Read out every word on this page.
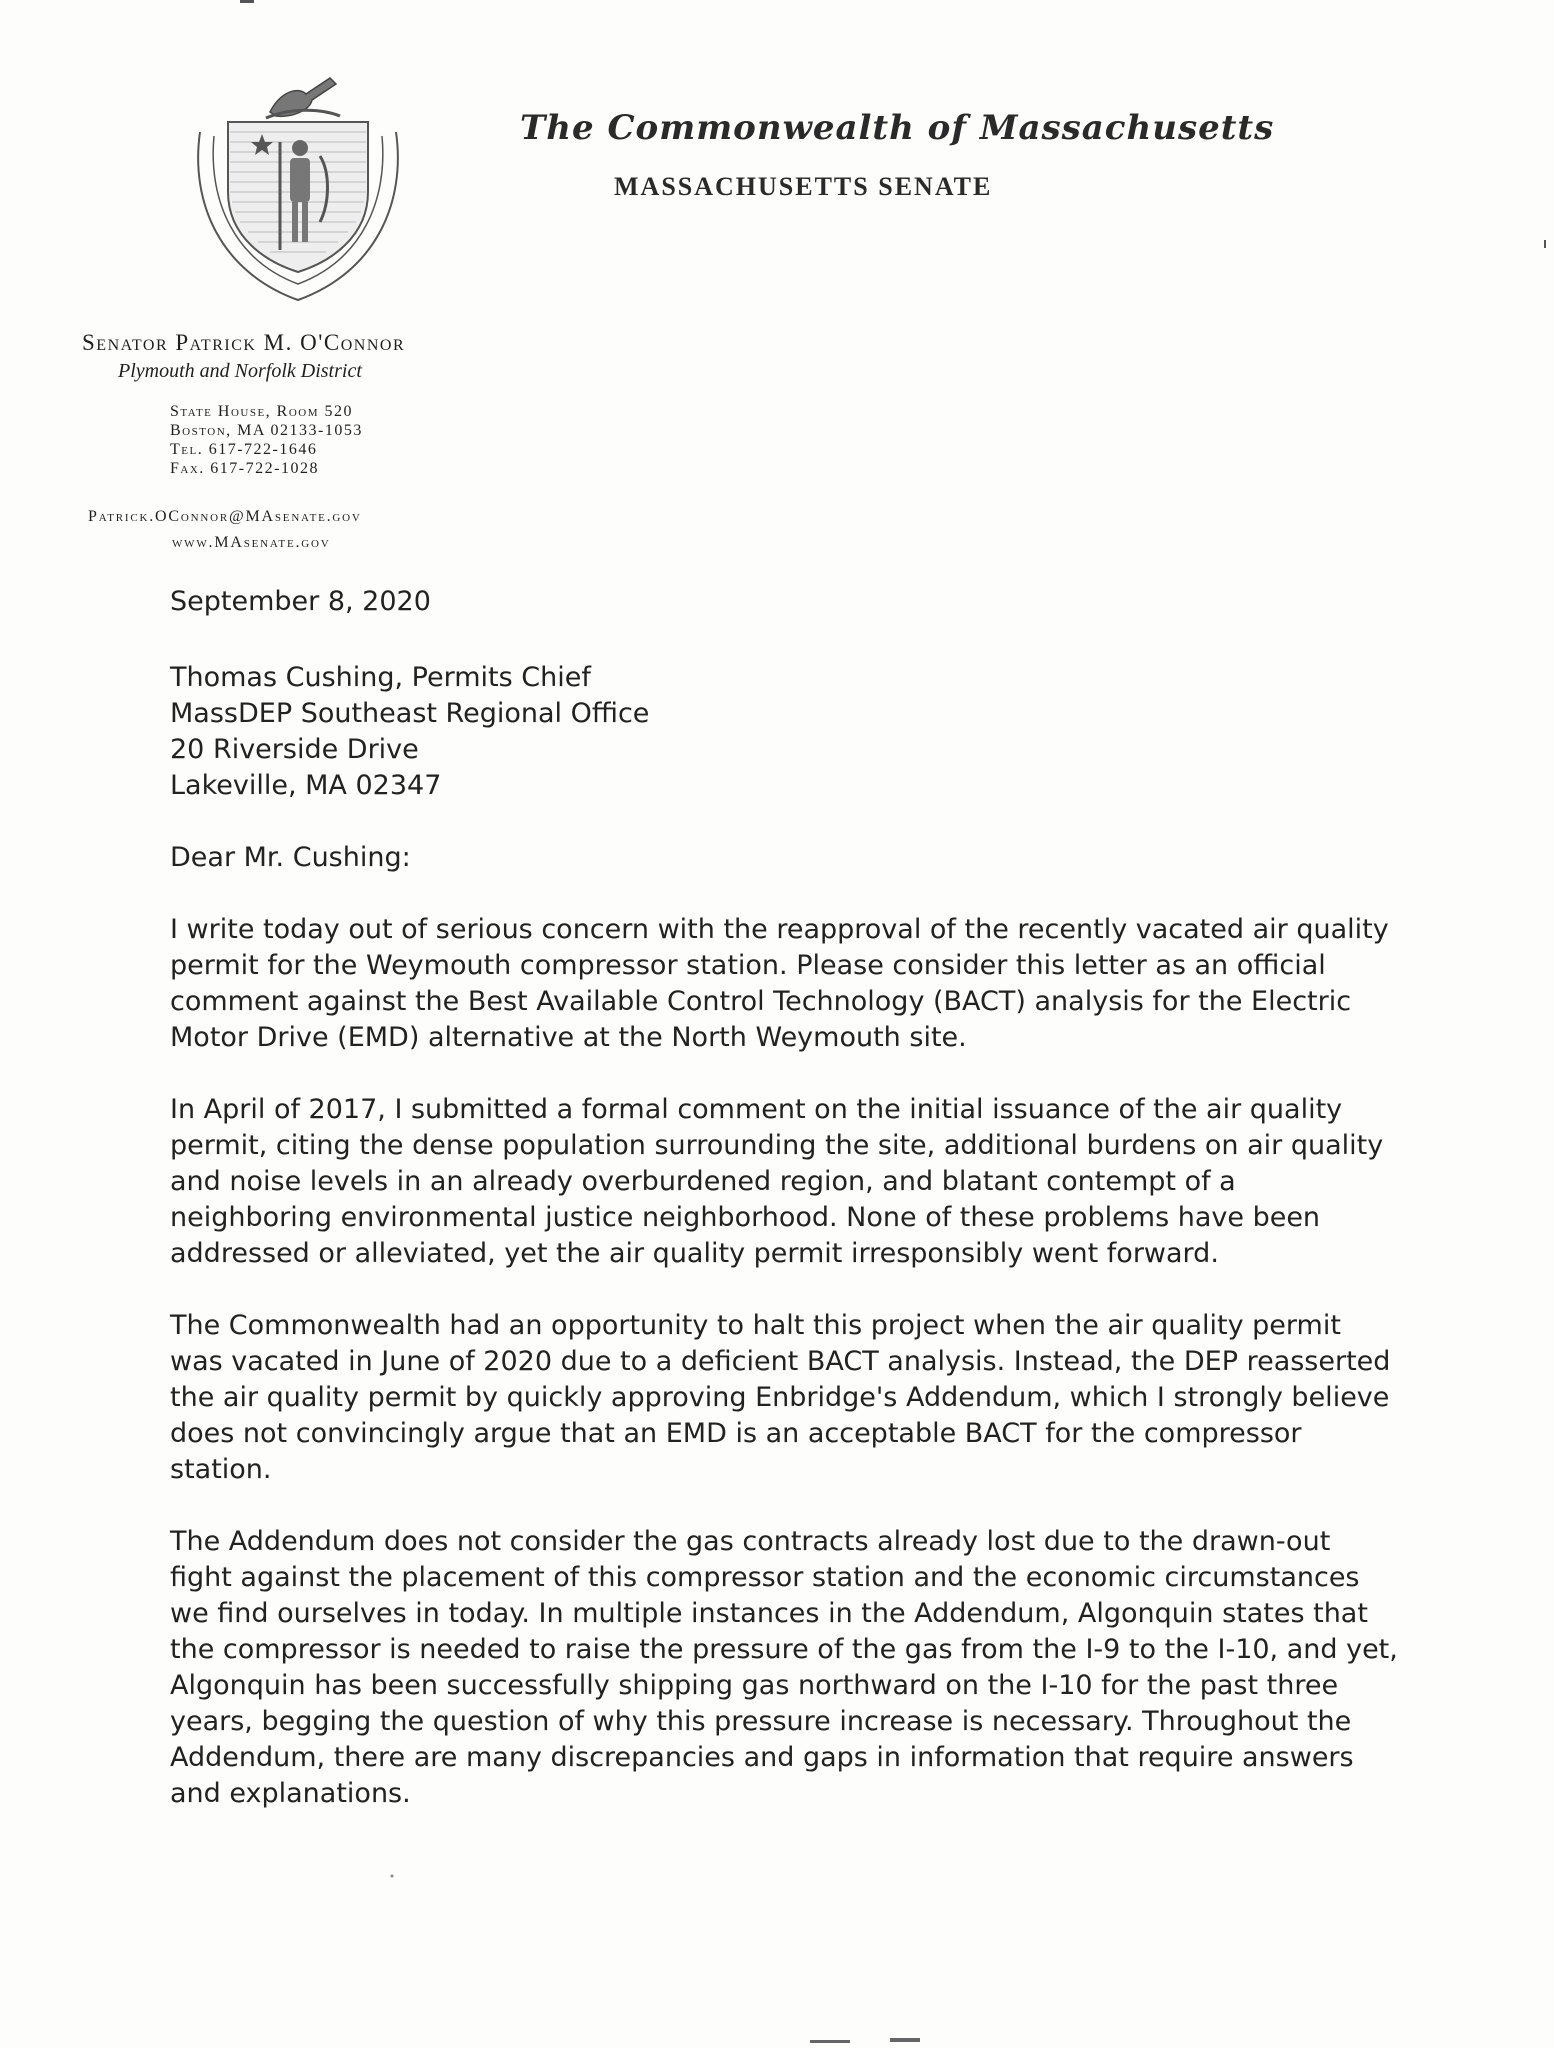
The Commonwealth of Massachusetts
MASSACHUSETTS SENATE

Senator Patrick M. O'Connor

Plymouth and Norfolk District

State House, Room 520
Boston, MA 02133-1053
Tel. 617-722-1646
Fax. 617-722-1028

Patrick.OConnor@MAsenate.gov

www.MAsenate.gov

September 8, 2020

Thomas Cushing, Permits Chief
MassDEP Southeast Regional Office
20 Riverside Drive
Lakeville, MA 02347

Dear Mr. Cushing:

I write today out of serious concern with the reapproval of the recently vacated air quality permit for the Weymouth compressor station. Please consider this letter as an official comment against the Best Available Control Technology (BACT) analysis for the Electric Motor Drive (EMD) alternative at the North Weymouth site.

In April of 2017, I submitted a formal comment on the initial issuance of the air quality permit, citing the dense population surrounding the site, additional burdens on air quality and noise levels in an already overburdened region, and blatant contempt of a neighboring environmental justice neighborhood. None of these problems have been addressed or alleviated, yet the air quality permit irresponsibly went forward.

The Commonwealth had an opportunity to halt this project when the air quality permit was vacated in June of 2020 due to a deficient BACT analysis. Instead, the DEP reasserted the air quality permit by quickly approving Enbridge's Addendum, which I strongly believe does not convincingly argue that an EMD is an acceptable BACT for the compressor station.

The Addendum does not consider the gas contracts already lost due to the drawn-out fight against the placement of this compressor station and the economic circumstances we find ourselves in today. In multiple instances in the Addendum, Algonquin states that the compressor is needed to raise the pressure of the gas from the I-9 to the I-10, and yet, Algonquin has been successfully shipping gas northward on the I-10 for the past three years, begging the question of why this pressure increase is necessary. Throughout the Addendum, there are many discrepancies and gaps in information that require answers and explanations.
